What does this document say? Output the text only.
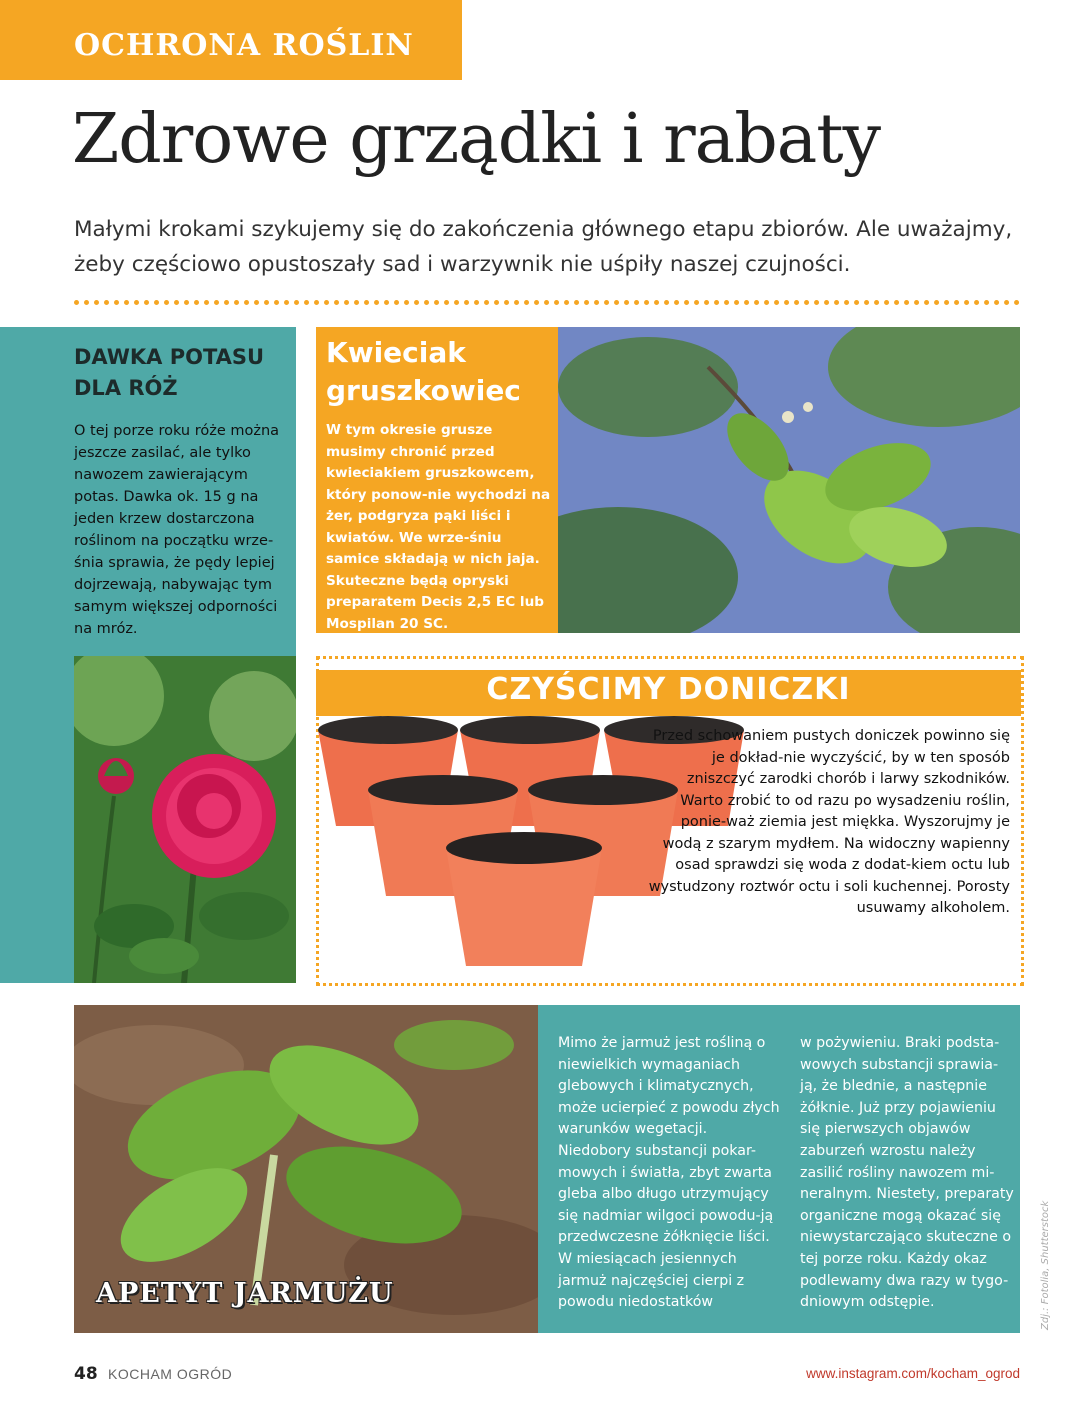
OCHRONA ROŚLIN
Zdrowe grządki i rabaty

Małymi krokami szykujemy się do zakończenia głównego etapu zbiorów. Ale uważajmy, żeby częściowo opustoszały sad i warzywnik nie uśpiły naszej czujności.

DAWKA POTASU DLA RÓŻ

O tej porze roku róże można jeszcze zasilać, ale tylko nawozem zawierającym potas. Dawka ok. 15 g na jeden krzew dostarczona roślinom na początku wrze-śnia sprawia, że pędy lepiej dojrzewają, nabywając tym samym większej odporności na mróz.

Kwieciak gruszkowiec

W tym okresie grusze musimy chronić przed kwieciakiem gruszkowcem, który ponow-nie wychodzi na żer, podgryza pąki liści i kwiatów. We wrze-śniu samice składają w nich jaja. Skuteczne będą opryski preparatem Decis 2,5 EC lub Mospilan 20 SC.

CZYŚCIMY DONICZKI

Przed schowaniem pustych doniczek powinno się je dokład-nie wyczyścić, by w ten sposób zniszczyć zarodki chorób i larwy szkodników. Warto zrobić to od razu po wysadzeniu roślin, ponie-waż ziemia jest miękka. Wyszorujmy je wodą z szarym mydłem. Na widoczny wapienny osad sprawdzi się woda z dodat-kiem octu lub wystudzony roztwór octu i soli kuchennej. Porosty usuwamy alkoholem.

APETYT JARMUŻU

Mimo że jarmuż jest rośliną o niewielkich wymaganiach glebowych i klimatycznych, może ucierpieć z powodu złych warunków wegetacji. Niedobory substancji pokar-mowych i światła, zbyt zwarta gleba albo długo utrzymujący się nadmiar wilgoci powodu-ją przedwczesne żółknięcie liści. W miesiącach jesiennych jarmuż najczęściej cierpi z powodu niedostatków

w pożywieniu. Braki podsta-wowych substancji sprawia-ją, że blednie, a następnie żółknie. Już przy pojawieniu się pierwszych objawów zaburzeń wzrostu należy zasilić rośliny nawozem mi-neralnym. Niestety, preparaty organiczne mogą okazać się niewystarczająco skuteczne o tej porze roku. Każdy okaz podlewamy dwa razy w tygo-dniowym odstępie.	Zdj.: Fotolia, Shutterstock
48 KOCHAM OGRÓD	www.instagram.com/kocham_ogrod
